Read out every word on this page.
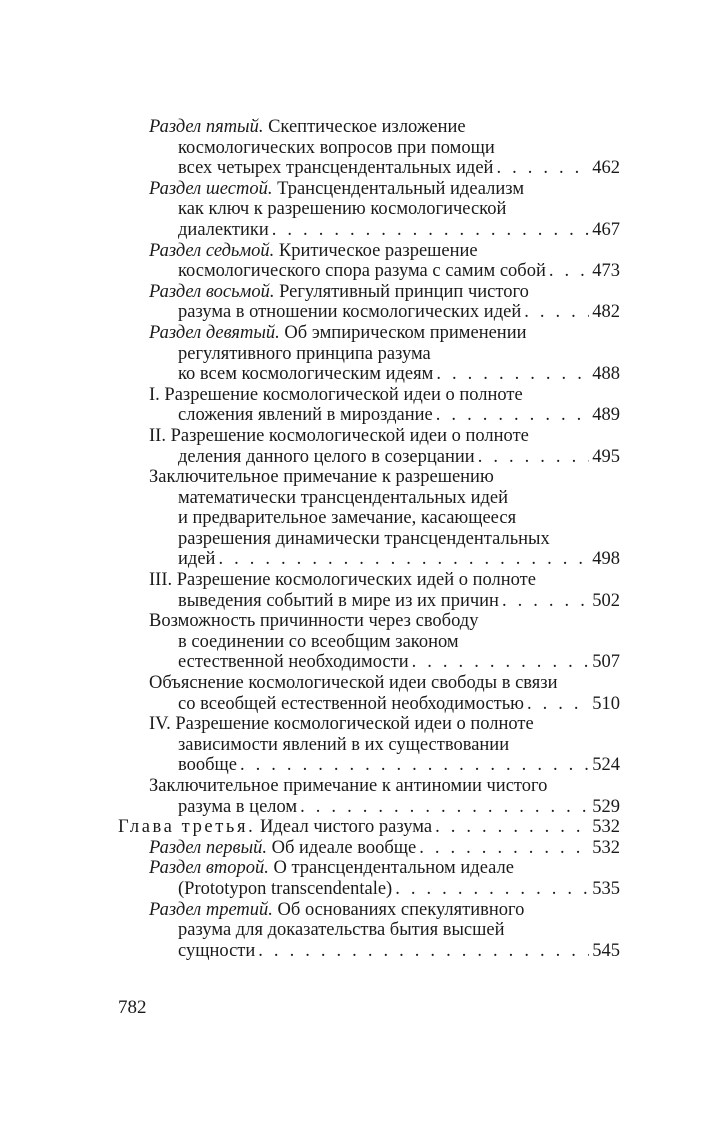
Раздел пятый. Скептическое изложение
космологических вопросов при помощи
всех четырех трансцендентальных идей . . .	462
Раздел шестой. Трансцендентальный идеализм
как ключ к разрешению космологической
диалектики . . .	467
Раздел седьмой. Критическое разрешение
космологического спора разума с самим собой . . .	473
Раздел восьмой. Регулятивный принцип чистого
разума в отношении космологических идей . . .	482
Раздел девятый. Об эмпирическом применении
регулятивного принципа разума
ко всем космологическим идеям . . .	488
I. Разрешение космологической идеи о полноте
сложения явлений в мироздание . . .	489
II. Разрешение космологической идеи о полноте
деления данного целого в созерцании . . .	495
Заключительное примечание к разрешению
математически трансцендентальных идей
и предварительное замечание, касающееся
разрешения динамически трансцендентальных
идей . . .	498
III. Разрешение космологических идей о полноте
выведения событий в мире из их причин . . .	502
Возможность причинности через свободу
в соединении со всеобщим законом
естественной необходимости . . .	507
Объяснение космологической идеи свободы в связи
со всеобщей естественной необходимостью . . .	510
IV. Разрешение космологической идеи о полноте
зависимости явлений в их существовании
вообще . . .	524
Заключительное примечание к антиномии чистого
разума в целом . . .	529
Глава третья. Идеал чистого разума . . .	532
Раздел первый. Об идеале вообще . . .	532
Раздел второй. О трансцендентальном идеале
(Prototypon transcendentale) . . .	535
Раздел третий. Об основаниях спекулятивного
разума для доказательства бытия высшей
сущности . . .	545
782
